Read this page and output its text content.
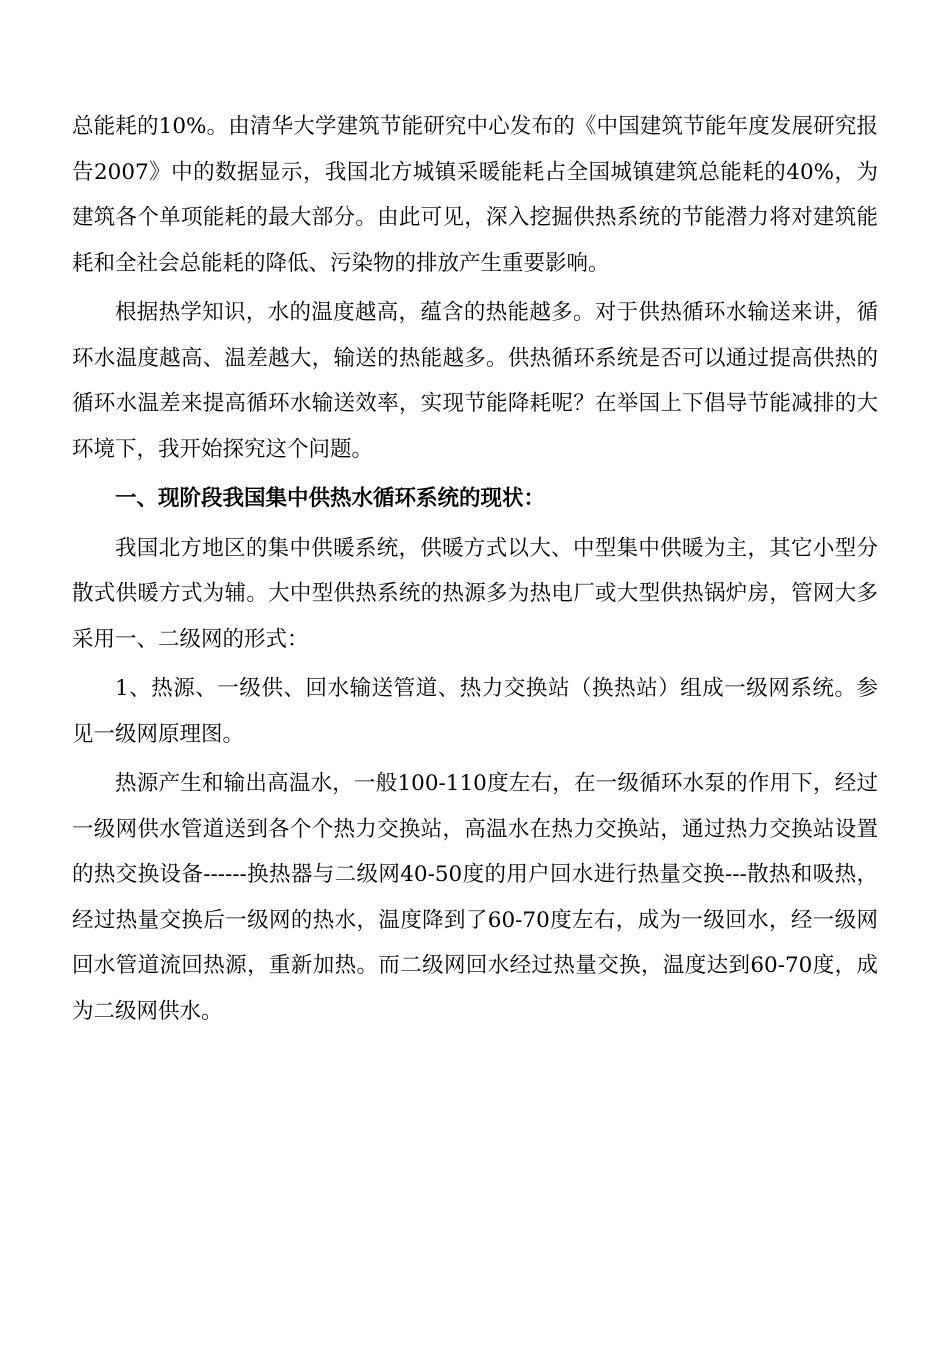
总能耗的10%。由清华大学建筑节能研究中心发布的《中国建筑节能年度发展研究报告2007》中的数据显示，我国北方城镇采暖能耗占全国城镇建筑总能耗的40%，为建筑各个单项能耗的最大部分。由此可见，深入挖掘供热系统的节能潜力将对建筑能耗和全社会总能耗的降低、污染物的排放产生重要影响。

根据热学知识，水的温度越高，蕴含的热能越多。对于供热循环水输送来讲，循环水温度越高、温差越大，输送的热能越多。供热循环系统是否可以通过提高供热的循环水温差来提高循环水输送效率，实现节能降耗呢？在举国上下倡导节能减排的大环境下，我开始探究这个问题。

一、现阶段我国集中供热水循环系统的现状：

我国北方地区的集中供暖系统，供暖方式以大、中型集中供暖为主，其它小型分散式供暖方式为辅。大中型供热系统的热源多为热电厂或大型供热锅炉房，管网大多采用一、二级网的形式：

1、热源、一级供、回水输送管道、热力交换站（换热站）组成一级网系统。参见一级网原理图。

热源产生和输出高温水，一般100-110度左右，在一级循环水泵的作用下，经过一级网供水管道送到各个个热力交换站，高温水在热力交换站，通过热力交换站设置的热交换设备------换热器与二级网40-50度的用户回水进行热量交换---散热和吸热，经过热量交换后一级网的热水，温度降到了60-70度左右，成为一级回水，经一级网回水管道流回热源，重新加热。而二级网回水经过热量交换，温度达到60-70度，成为二级网供水。
